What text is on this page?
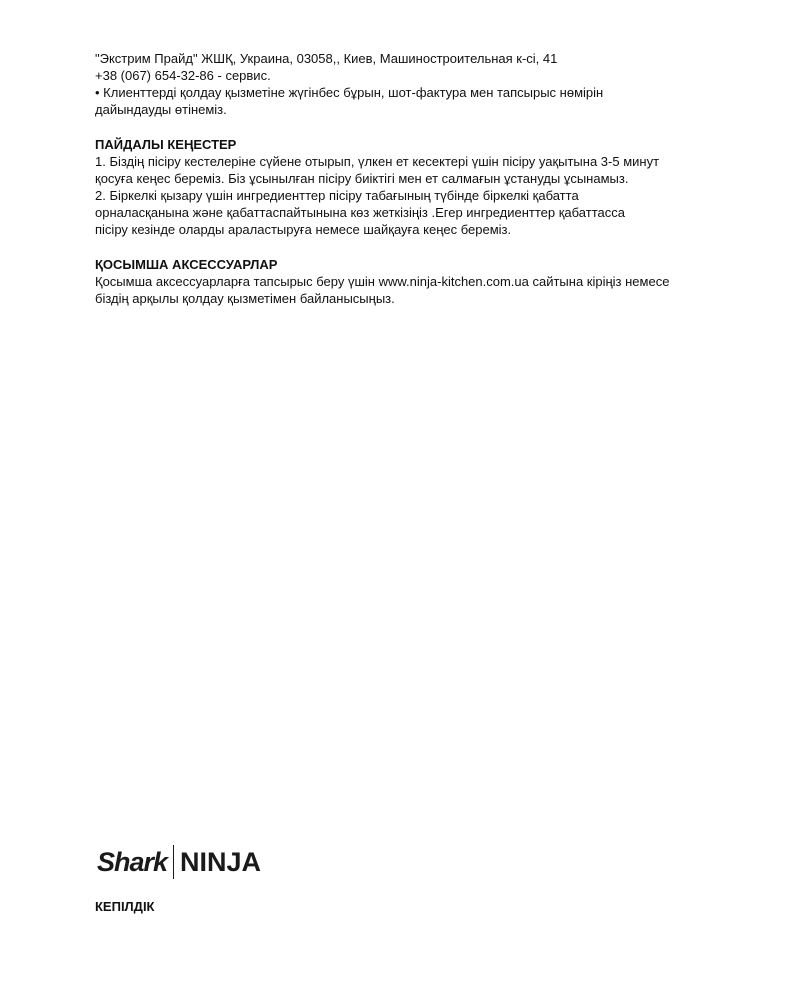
"Экстрим Прайд" ЖШҚ, Украина, 03058,, Киев, Машиностроительная к-сі, 41

+38 (067) 654-32-86 - сервис.

• Клиенттерді қолдау қызметіне жүгінбес бұрын, шот-фактура мен тапсырыс нөмірін

дайындауды өтінеміз.

ПАЙДАЛЫ КЕҢЕСТЕР

1. Біздің пісіру кестелеріне сүйене отырып, үлкен ет кесектері үшін пісіру уақытына 3-5 минут

қосуға кеңес береміз. Біз ұсынылған пісіру биіктігі мен ет салмағын ұстануды ұсынамыз.

2. Біркелкі қызару үшін ингредиенттер пісіру табағының түбінде біркелкі қабатта

орналасқанына және қабаттаспайтынына көз жеткізіңіз .Егер ингредиенттер қабаттасса

пісіру кезінде оларды араластыруға немесе шайқауға кеңес береміз.

ҚОСЫМША АКСЕССУАРЛАР

Қосымша аксессуарларға тапсырыс беру үшін www.ninja-kitchen.com.ua сайтына кіріңіз немесе

біздің арқылы қолдау қызметімен байланысыңыз.

Shark NINJA
КЕПІЛДІК
